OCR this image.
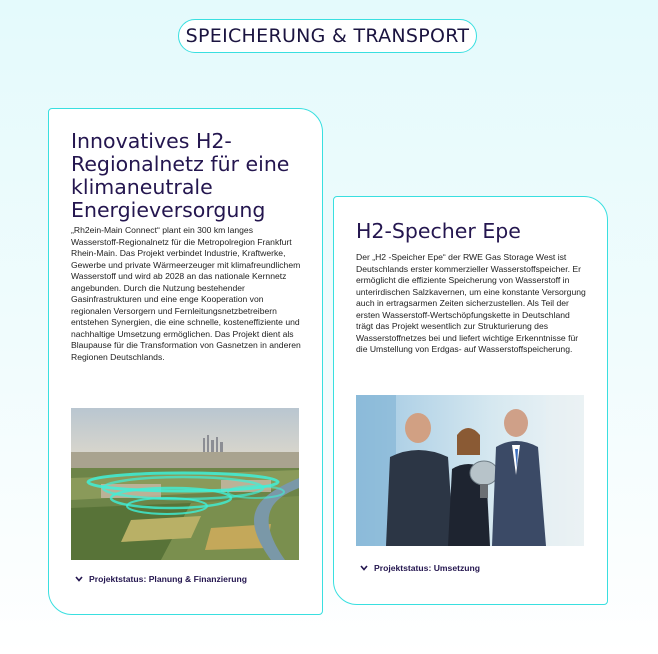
SPEICHERUNG & TRANSPORT
Innovatives H2-Regionalnetz für eine klimaneutrale Energieversorgung

„Rh2ein-Main Connect“ plant ein 300 km langes Wasserstoff-Regionalnetz für die Metropolregion Frankfurt Rhein-Main. Das Projekt verbindet Industrie, Kraftwerke, Gewerbe und private Wärmeerzeuger mit klimafreundlichem Wasserstoff und wird ab 2028 an das nationale Kernnetz angebunden. Durch die Nutzung bestehender Gasinfrastrukturen und eine enge Kooperation von regionalen Versorgern und Fernleitungsnetzbetreibern entstehen Synergien, die eine schnelle, kosteneffiziente und nachhaltige Umsetzung ermöglichen. Das Projekt dient als Blaupause für die Transformation von Gasnetzen in anderen Regionen Deutschlands.

Projektstatus: Planung & Finanzierung
H2-Specher Epe

Der „H2 -Speicher Epe“ der RWE Gas Storage West ist Deutschlands erster kommerzieller Wasserstoffspeicher. Er ermöglicht die effiziente Speicherung von Wasserstoff in unterirdischen Salzkavernen, um eine konstante Versorgung auch in ertragsarmen Zeiten sicherzustellen. Als Teil der ersten Wasserstoff-Wertschöpfungskette in Deutschland trägt das Projekt wesentlich zur Strukturierung des Wasserstoffnetzes bei und liefert wichtige Erkenntnisse für die Umstellung von Erdgas- auf Wasserstoffspeicherung.

Projektstatus: Umsetzung
